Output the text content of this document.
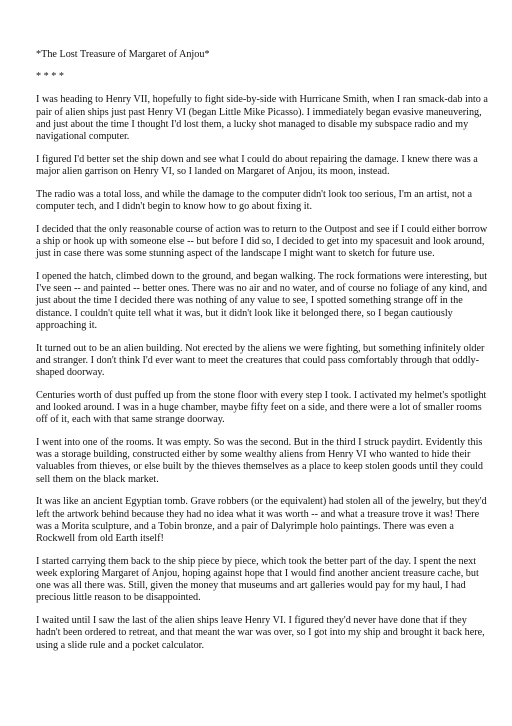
*The Lost Treasure of Margaret of Anjou*

* * * *

I was heading to Henry VII, hopefully to fight side-by-side with Hurricane Smith, when I ran smack-dab into a pair of alien ships just past Henry VI (began Little Mike Picasso). I immediately began evasive maneuvering, and just about the time I thought I'd lost them, a lucky shot managed to disable my subspace radio and my navigational computer.

I figured I'd better set the ship down and see what I could do about repairing the damage. I knew there was a major alien garrison on Henry VI, so I landed on Margaret of Anjou, its moon, instead.

The radio was a total loss, and while the damage to the computer didn't look too serious, I'm an artist, not a computer tech, and I didn't begin to know how to go about fixing it.

I decided that the only reasonable course of action was to return to the Outpost and see if I could either borrow a ship or hook up with someone else -- but before I did so, I decided to get into my spacesuit and look around, just in case there was some stunning aspect of the landscape I might want to sketch for future use.

I opened the hatch, climbed down to the ground, and began walking. The rock formations were interesting, but I've seen -- and painted -- better ones. There was no air and no water, and of course no foliage of any kind, and just about the time I decided there was nothing of any value to see, I spotted something strange off in the distance. I couldn't quite tell what it was, but it didn't look like it belonged there, so I began cautiously approaching it.

It turned out to be an alien building. Not erected by the aliens we were fighting, but something infinitely older and stranger. I don't think I'd ever want to meet the creatures that could pass comfortably through that oddly-shaped doorway.

Centuries worth of dust puffed up from the stone floor with every step I took. I activated my helmet's spotlight and looked around. I was in a huge chamber, maybe fifty feet on a side, and there were a lot of smaller rooms off of it, each with that same strange doorway.

I went into one of the rooms. It was empty. So was the second. But in the third I struck paydirt. Evidently this was a storage building, constructed either by some wealthy aliens from Henry VI who wanted to hide their valuables from thieves, or else built by the thieves themselves as a place to keep stolen goods until they could sell them on the black market.

It was like an ancient Egyptian tomb. Grave robbers (or the equivalent) had stolen all of the jewelry, but they'd left the artwork behind because they had no idea what it was worth -- and what a treasure trove it was! There was a Morita sculpture, and a Tobin bronze, and a pair of Dalyrimple holo paintings. There was even a Rockwell from old Earth itself!

I started carrying them back to the ship piece by piece, which took the better part of the day. I spent the next week exploring Margaret of Anjou, hoping against hope that I would find another ancient treasure cache, but one was all there was. Still, given the money that museums and art galleries would pay for my haul, I had precious little reason to be disappointed.

I waited until I saw the last of the alien ships leave Henry VI. I figured they'd never have done that if they hadn't been ordered to retreat, and that meant the war was over, so I got into my ship and brought it back here, using a slide rule and a pocket calculator.
